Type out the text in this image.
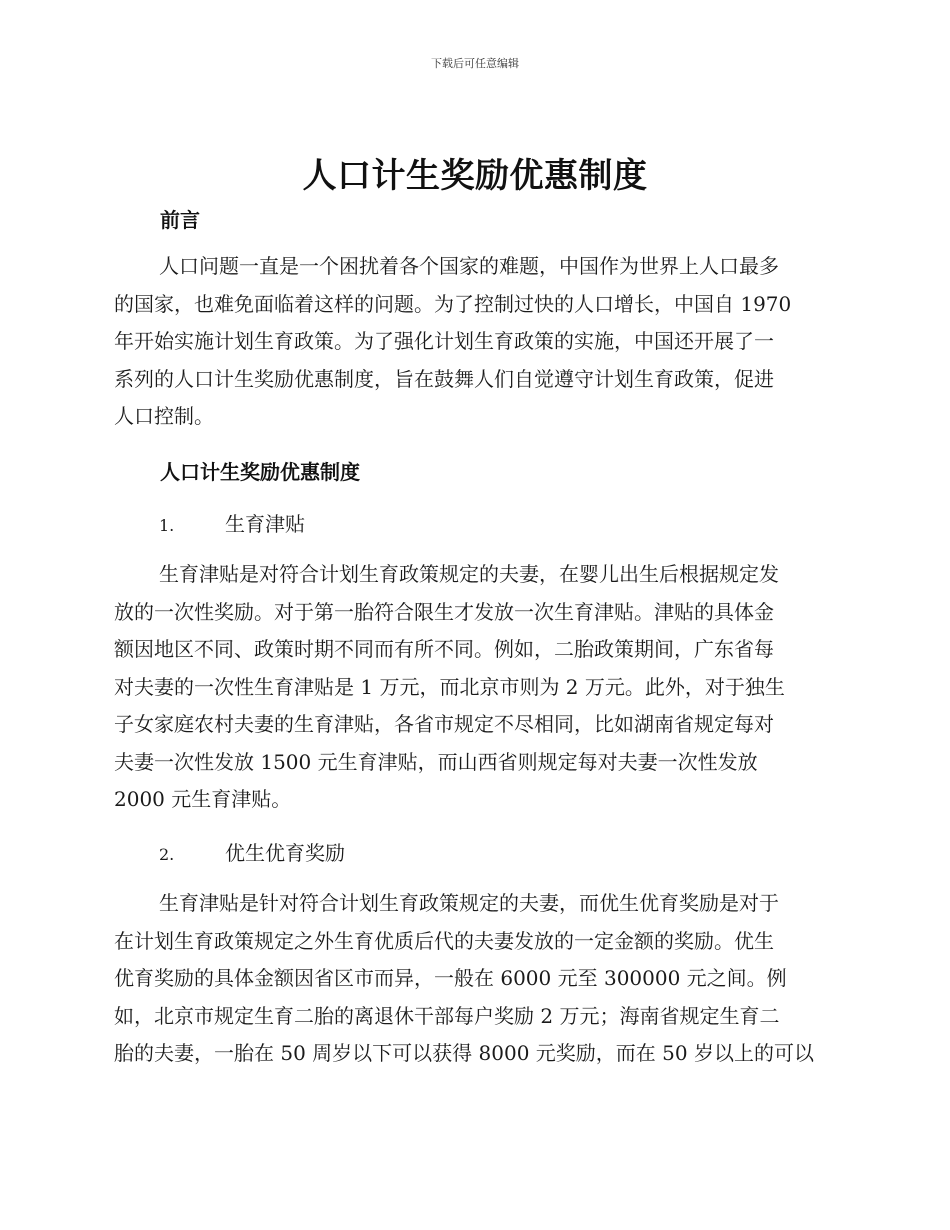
下载后可任意编辑
人口计生奖励优惠制度
前言

人口问题一直是一个困扰着各个国家的难题，中国作为世界上人口最多
的国家，也难免面临着这样的问题。为了控制过快的人口增长，中国自 1970
年开始实施计划生育政策。为了强化计划生育政策的实施，中国还开展了一
系列的人口计生奖励优惠制度，旨在鼓舞人们自觉遵守计划生育政策，促进
人口控制。

人口计生奖励优惠制度
1.	生育津贴

生育津贴是对符合计划生育政策规定的夫妻，在婴儿出生后根据规定发
放的一次性奖励。对于第一胎符合限生才发放一次生育津贴。津贴的具体金
额因地区不同、政策时期不同而有所不同。例如，二胎政策期间，广东省每
对夫妻的一次性生育津贴是 1 万元，而北京市则为 2 万元。此外，对于独生
子女家庭农村夫妻的生育津贴，各省市规定不尽相同，比如湖南省规定每对
夫妻一次性发放 1500 元生育津贴，而山西省则规定每对夫妻一次性发放
2000 元生育津贴。

2.	优生优育奖励

生育津贴是针对符合计划生育政策规定的夫妻，而优生优育奖励是对于
在计划生育政策规定之外生育优质后代的夫妻发放的一定金额的奖励。优生
优育奖励的具体金额因省区市而异，一般在 6000 元至 300000 元之间。例
如，北京市规定生育二胎的离退休干部每户奖励 2 万元；海南省规定生育二
胎的夫妻，一胎在 50 周岁以下可以获得 8000 元奖励，而在 50 岁以上的可以
